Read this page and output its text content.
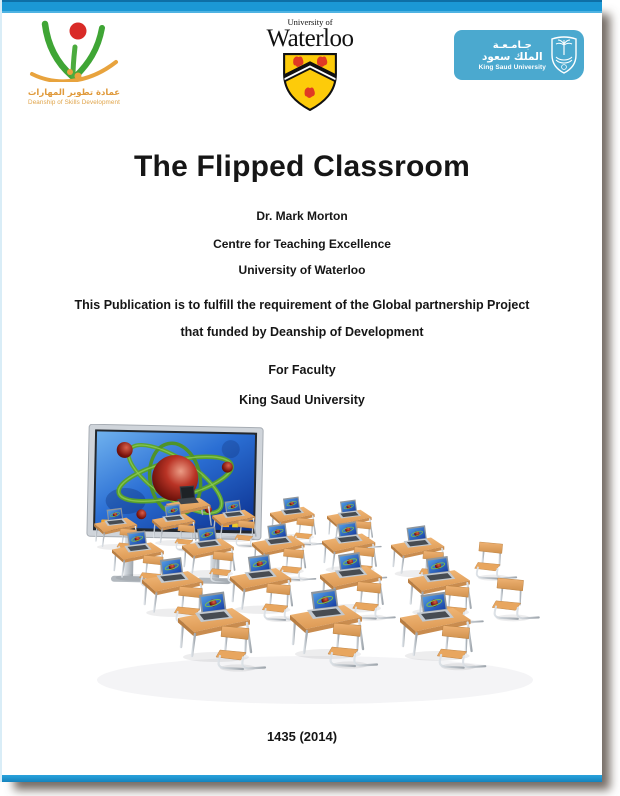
عمادة تطوير المهارات
Deanship of Skills Development
University of
Waterloo	جـامـعـة
الملك سعود
King Saud University
The Flipped Classroom
Dr. Mark Morton
Centre for Teaching Excellence
University of Waterloo
This Publication is to fulfill the requirement of the Global partnership Project
that funded by Deanship of Development
For Faculty
King Saud University
1435 (2014)
